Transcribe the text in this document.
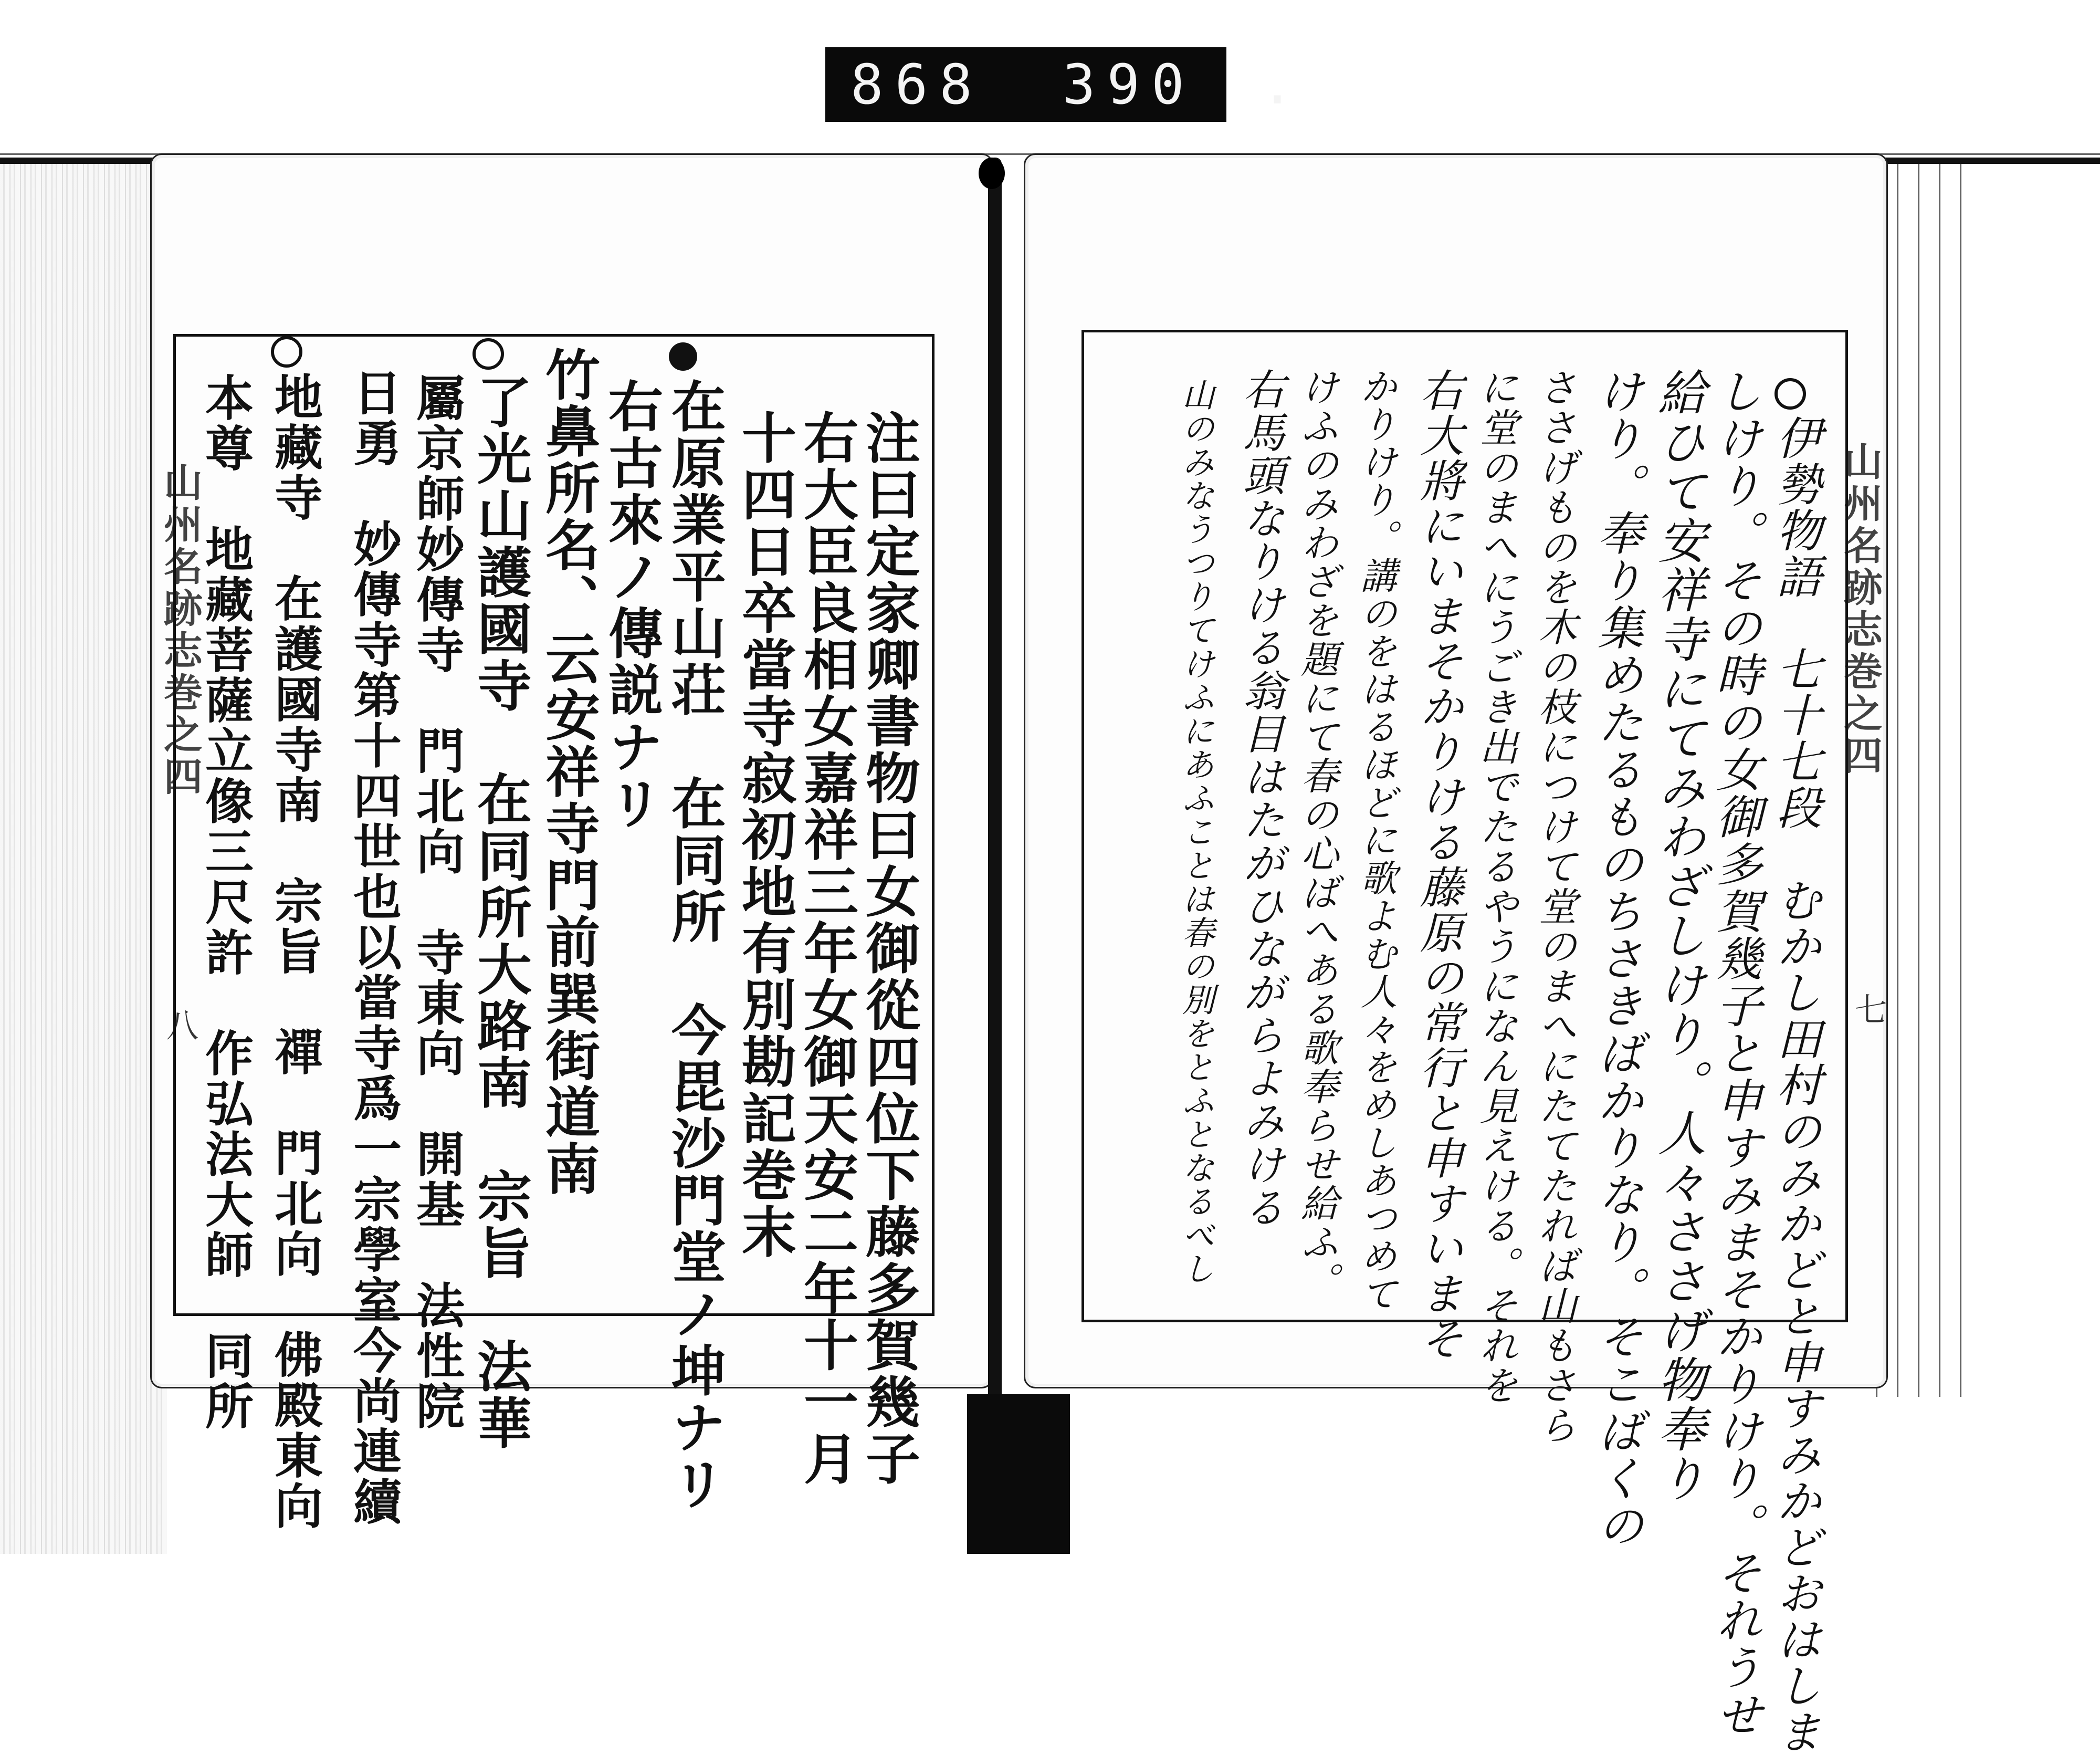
868 390 .
山州名跡志巻之四	山州名跡志巻之四
八	七
注曰定家卿書物曰女御從四位下藤多賀幾子
右大臣良相女嘉祥三年女御天安二年十一月
十四日卒當寺寂初地有別勘記巻末
在原業平山荘　在同所　今毘沙門堂ノ坤ナリ
右古來ノ傳説ナリ
竹鼻所名、云安祥寺門前巽街道南
了光山護國寺　在同所大路南　宗旨　法華
屬京師妙傳寺　門北向　寺東向　開基　法性院
日勇　妙傳寺第十四世也以當寺爲一宗學室今尚連續
地藏寺　在護國寺南　宗旨　禪　門北向　佛殿東向
本尊　地藏菩薩立像三尺許　作弘法大師　同所	伊勢物語　七十七段　むかし田村のみかどと申すみかどおはしま
しけり。その時の女御多賀幾子と申すみまそかりけり。それうせ
給ひて安祥寺にてみわざしけり。人々ささげ物奉り
けり。奉り集めたるものちさきばかりなり。そこばくの
ささげものを木の枝につけて堂のまへにたてたれば山もさら
に堂のまへにうごき出でたるやうになん見えける。それを
右大將にいまそかりける藤原の常行と申すいまそ
かりけり。講のをはるほどに歌よむ人々をめしあつめて
けふのみわざを題にて春の心ばへある歌奉らせ給ふ。
右馬頭なりける翁目はたがひながらよみける
山のみなうつりてけふにあふことは春の別をとふとなるべし
